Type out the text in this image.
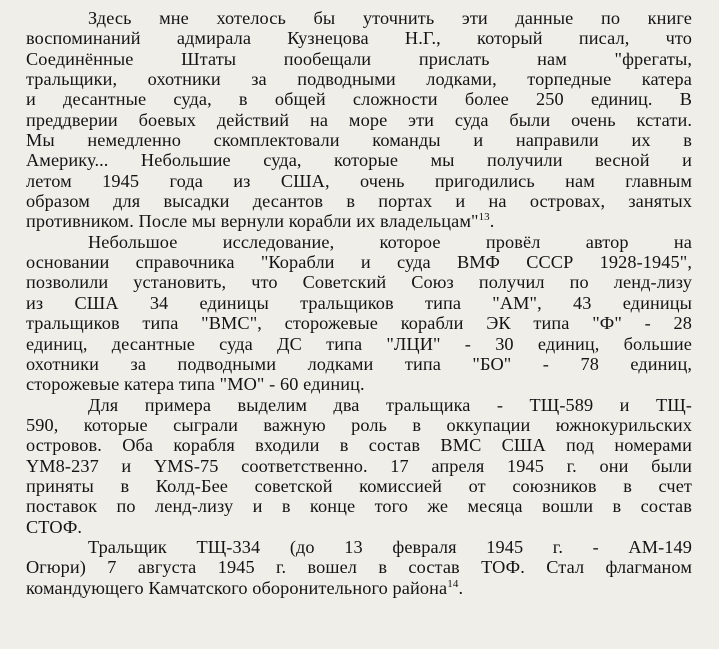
Здесь мне хотелось бы уточнить эти данные по книге
воспоминаний адмирала Кузнецова Н.Г., который писал, что
Соединённые Штаты пообещали прислать нам "фрегаты,
тральщики, охотники за подводными лодками, торпедные катера
и десантные суда, в общей сложности более 250 единиц. В
преддверии боевых действий на море эти суда были очень кстати.
Мы немедленно скомплектовали команды и направили их в
Америку... Небольшие суда, которые мы получили весной и
летом 1945 года из США, очень пригодились нам главным
образом для высадки десантов в портах и на островах, занятых
противником. После мы вернули корабли их владельцам"$^{13}$.

Небольшое исследование, которое провёл автор на
основании справочника "Корабли и суда ВМФ СССР 1928-1945",
позволили установить, что Советский Союз получил по ленд-лизу
из США 34 единицы тральщиков типа "АМ", 43 единицы
тральщиков типа "ВМС", сторожевые корабли ЭК типа "Ф" - 28
единиц, десантные суда ДС типа "ЛЦИ" - 30 единиц, большие
охотники за подводными лодками типа "БО" - 78 единиц,
сторожевые катера типа "МО" - 60 единиц.

Для примера выделим два тральщика - ТЩ-589 и ТЩ-
590, которые сыграли важную роль в оккупации южнокурильских
островов. Оба корабля входили в состав ВМС США под номерами
YM8-237 и YMS-75 соответственно. 17 апреля 1945 г. они были
приняты в Колд-Бее советской комиссией от союзников в счет
поставок по ленд-лизу и в конце того же месяца вошли в состав
СТОФ.

Тральщик ТЩ-334 (до 13 февраля 1945 г. - АМ-149
Огюри) 7 августа 1945 г. вошел в состав ТОФ. Стал флагманом
командующего Камчатского оборонительного района$^{14}$.
